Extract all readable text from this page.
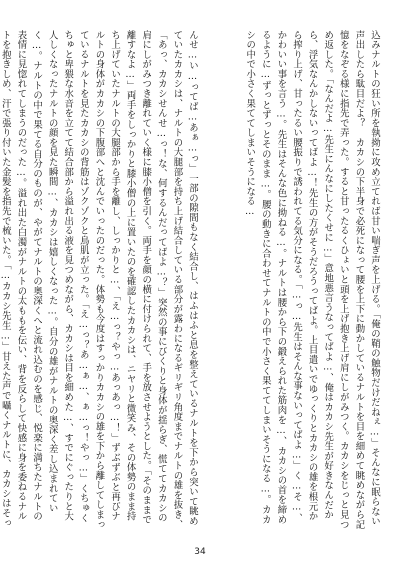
込みナルトの狂い所を執拗に攻め立てれば甘い喘ぎ声を上げる。「俺の鞘の触物だけだねぇ…」そんなに眠らない声出したら駄目だよ？　カカシの下半身で必死になって腰を上下に動かしているナルトを目を細めて眺めながら記憶をなぞる様に指先で弄った。すると甘ったるくひょいと頭を上げ抱き上げ肩にしがみつく。カカシをじっと見つめ返した。「なんだよ…先生にんなにしたくせに…」意地悪言うなってばよ…、俺はカカシ先生が好きなんだから、浮気なんかしないってばよ…！先生の方がそうだろうってばよ。上目遣いでゆっくりとカカシの雄を根元から搾り上げ、甘ったるい腰振りで誘われてる気分になる。「…っ…先生はそんな事ないってばよ…」く…そ…、かわいい事を言う…。先生はそんな色に拗ねる…。ナルトは腰から下の鍛えられた筋肉を…、カカシの首を締めるように…ずっとずっとそのまま…。腰の動きに合わせてナルトの中で小さく果ててしまいそうになる…。カカシの中で小さく果ててしまいそうになる…
んせ…い…ってば…あぁ…っ」一部の隙間もなく結合し、はふはふと息を整えているナルトを下から突いて眺めていたカカシは、ナルトの大腿部を持ち上げ結合している部分が露わになるギリギリ角度までナルトの雄を抜き、「あっ、カカシせんせ…っ！な、何するんだってばよ…？」突然の事にびくりと身体が揺らぎ、慌ててカカシの肩にしがみつき離れていく様に膝小僧を引く。両手を顔の横に付けられて、手を放させようとした。「そのままで離すなよ…」両手をしっかりと膝小僧の上に置いたのを確認したカカシは、ニヤリと微笑み、その体勢のまま持ち上げていたナルトの大腿部から手を離し、しっかりと…、「え…っ？やっ…あっあっ…！」ずぶずぶと再びナルトの身体がカカシの下腹部へと沈んでいったのだった。体勢も今度はすっかりカカシの雄を下から離してしまっているナルトを見たカカシの背筋はゾクゾクと鳥肌が立った。「え…っ？あ…ぁ…、ぁ…っ！やっ…」くちゅくちゅと卑猥な水音を立てて結合部から溢れ出る液を見つめながら、カカシは目を細めた…、すでにぐったりと大人しくなったナルトの顔を見た瞬間…、カカシは嬉しくなった…。自分の雄がナルトの奥深く差し込まれていく…。ナルトの中で果てる自分のものが、やがてナルトの奥深くへと流れ込むのを感じ、悦楽に満ちたナルトの表情に見惚れてしまうのだった…。溢れ出た白濁がナルトの太ももを伝い、背を反らして快感に身を委ねるナルトを抱きしめ、汗で張り付いた金髪を指先で梳いた。「…カカシ先生…」甘えた声で囁くナルトに、カカシはそっ
34
